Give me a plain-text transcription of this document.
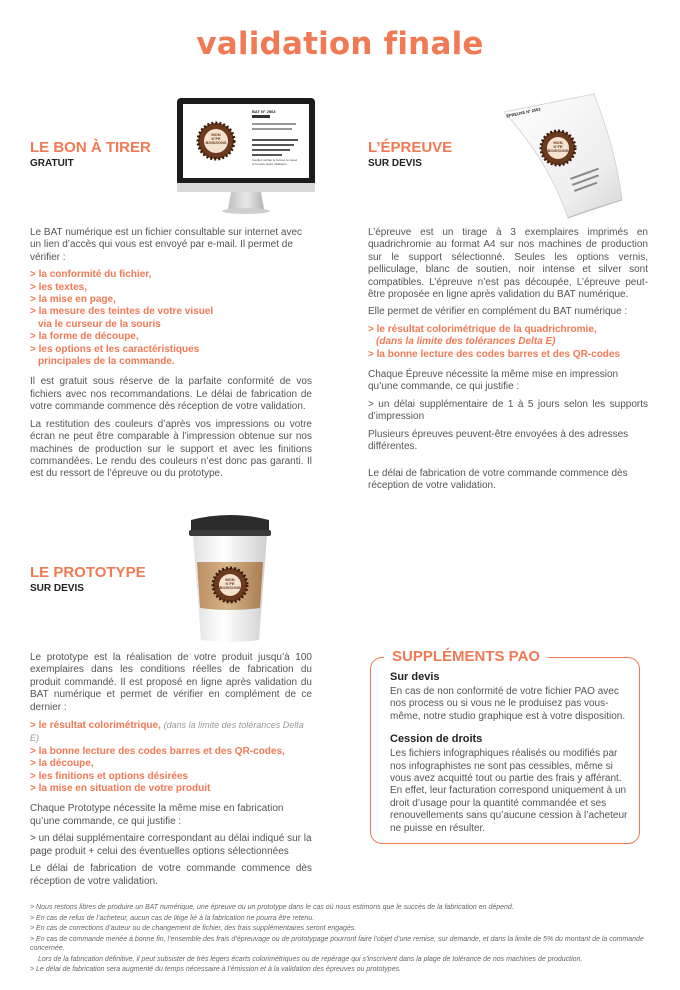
validation finale
LE BON À TIRER
GRATUIT
MON
K’FE
BOISSONS
BAT N° 2563
Veuillez vérifier le format, le visuel et le texte avant validation.

Le BAT numérique est un fichier consultable sur internet avec un lien d’accès qui vous est envoyé par e-mail. Il permet de vérifier :

> la conformité du fichier,
> les textes,
> la mise en page,
> la mesure des teintes de votre visuel
via le curseur de la souris
> la forme de découpe,
> les options et les caractéristiques
principales de la commande.

Il est gratuit sous réserve de la parfaite conformité de vos fichiers avec nos recommandations. Le délai de fabrication de votre commande commence dès réception de votre validation.

La restitution des couleurs d’après vos impressions ou votre écran ne peut être comparable à l’impression obtenue sur nos machines de production sur le support et avec les finitions commandées. Le rendu des couleurs n’est donc pas garanti. Il est du ressort de l’épreuve ou du prototype.

L’ÉPREUVE
SUR DEVIS
ÉPREUVE N° 2563
MON
K’FE
BOISSONS

L’épreuve est un tirage à 3 exemplaires imprimés en quadrichromie au format A4 sur nos machines de production sur le support sélectionné. Seules les options vernis, pelliculage, blanc de soutien, noir intense et silver sont compatibles. L’épreuve n’est pas découpée, L’épreuve peut-être proposée en ligne après validation du BAT numérique.

Elle permet de vérifier en complément du BAT numérique :

> le résultat colorimétrique de la quadrichromie,
(dans la limite des tolérances Delta E)
> la bonne lecture des codes barres et des QR-codes

Chaque Épreuve nécessite la même mise en impression qu’une commande, ce qui justifie :

> un délai supplémentaire de 1 à 5 jours selon les supports d’impression

Plusieurs épreuves peuvent-être envoyées à des adresses différentes.

Le délai de fabrication de votre commande commence dès réception de votre validation.

LE PROTOTYPE
SUR DEVIS
MON
K’FE
BOISSONS

Le prototype est la réalisation de votre produit jusqu’à 100 exemplaires dans les conditions réelles de fabrication du produit commandé. Il est proposé en ligne après validation du BAT numérique et permet de vérifier en complément de ce dernier :

> le résultat colorimétrique, (dans la limite des tolérances Delta E)
> la bonne lecture des codes barres et des QR-codes,
> la découpe,
> les finitions et options désirées
> la mise en situation de votre produit

Chaque Prototype nécessite la même mise en fabrication qu’une commande, ce qui justifie :

> un délai supplémentaire correspondant au délai indiqué sur la page produit + celui des éventuelles options sélectionnées

Le délai de fabrication de votre commande commence dès réception de votre validation.

SUPPLÉMENTS PAO

Sur devis

En cas de non conformité de votre fichier PAO avec nos process ou si vous ne le produisez pas vous-même, notre studio graphique est à votre disposition.

Cession de droits

Les fichiers infographiques réalisés ou modifiés par nos infographistes ne sont pas cessibles, même si vous avez acquitté tout ou partie des frais y afférant. En effet, leur facturation correspond uniquement à un droit d’usage pour la quantité commandée et ses renouvellements sans qu’aucune cession à l’acheteur ne puisse en résulter.

> Nous restons libres de produire un BAT numérique, une épreuve ou un prototype dans le cas où nous estimons que le succès de la fabrication en dépend.

> En cas de refus de l’acheteur, aucun cas de litige lié à la fabrication ne pourra être retenu.

> En cas de corrections d’auteur ou de changement de fichier, des frais supplémentaires seront engagés.

> En cas de commande menée à bonne fin, l’ensemble des frais d’épreuvage ou de prototypage pourront faire l’objet d’une remise, sur demande, et dans la limite de 5% du montant de la commande concernée.

Lors de la fabrication définitive, il peut subsister de très légers écarts colorimétriques ou de repérage qui s’inscrivent dans la plage de tolérance de nos machines de production.

> Le délai de fabrication sera augmenté du temps nécessaire à l’émission et à la validation des épreuves ou prototypes.
